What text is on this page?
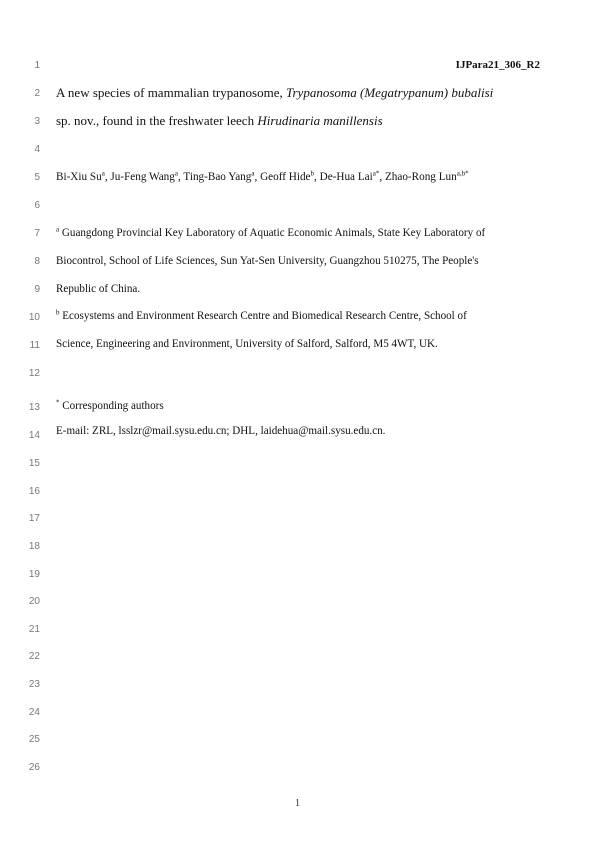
IJPara21_306_R2
1
2
3
4
5
6
7
8
9
10
11
12
13
14
15
16
17
18
19
20
21
22
23
24
25
26
A new species of mammalian trypanosome, Trypanosoma (Megatrypanum) bubalisi
sp. nov., found in the freshwater leech Hirudinaria manillensis
Bi-Xiu Su$^a$, Ju-Feng Wang$^a$, Ting-Bao Yang$^a$, Geoff Hide$^b$, De-Hua Lai$^{a*}$, Zhao-Rong Lun$^{a,b*}$
$^a$ Guangdong Provincial Key Laboratory of Aquatic Economic Animals, State Key Laboratory of
Biocontrol, School of Life Sciences, Sun Yat-Sen University, Guangzhou 510275, The People's
Republic of China.
$^b$ Ecosystems and Environment Research Centre and Biomedical Research Centre, School of
Science, Engineering and Environment, University of Salford, Salford, M5 4WT, UK.
* Corresponding authors
E-mail: ZRL, lsslzr@mail.sysu.edu.cn; DHL, laidehua@mail.sysu.edu.cn.
1
